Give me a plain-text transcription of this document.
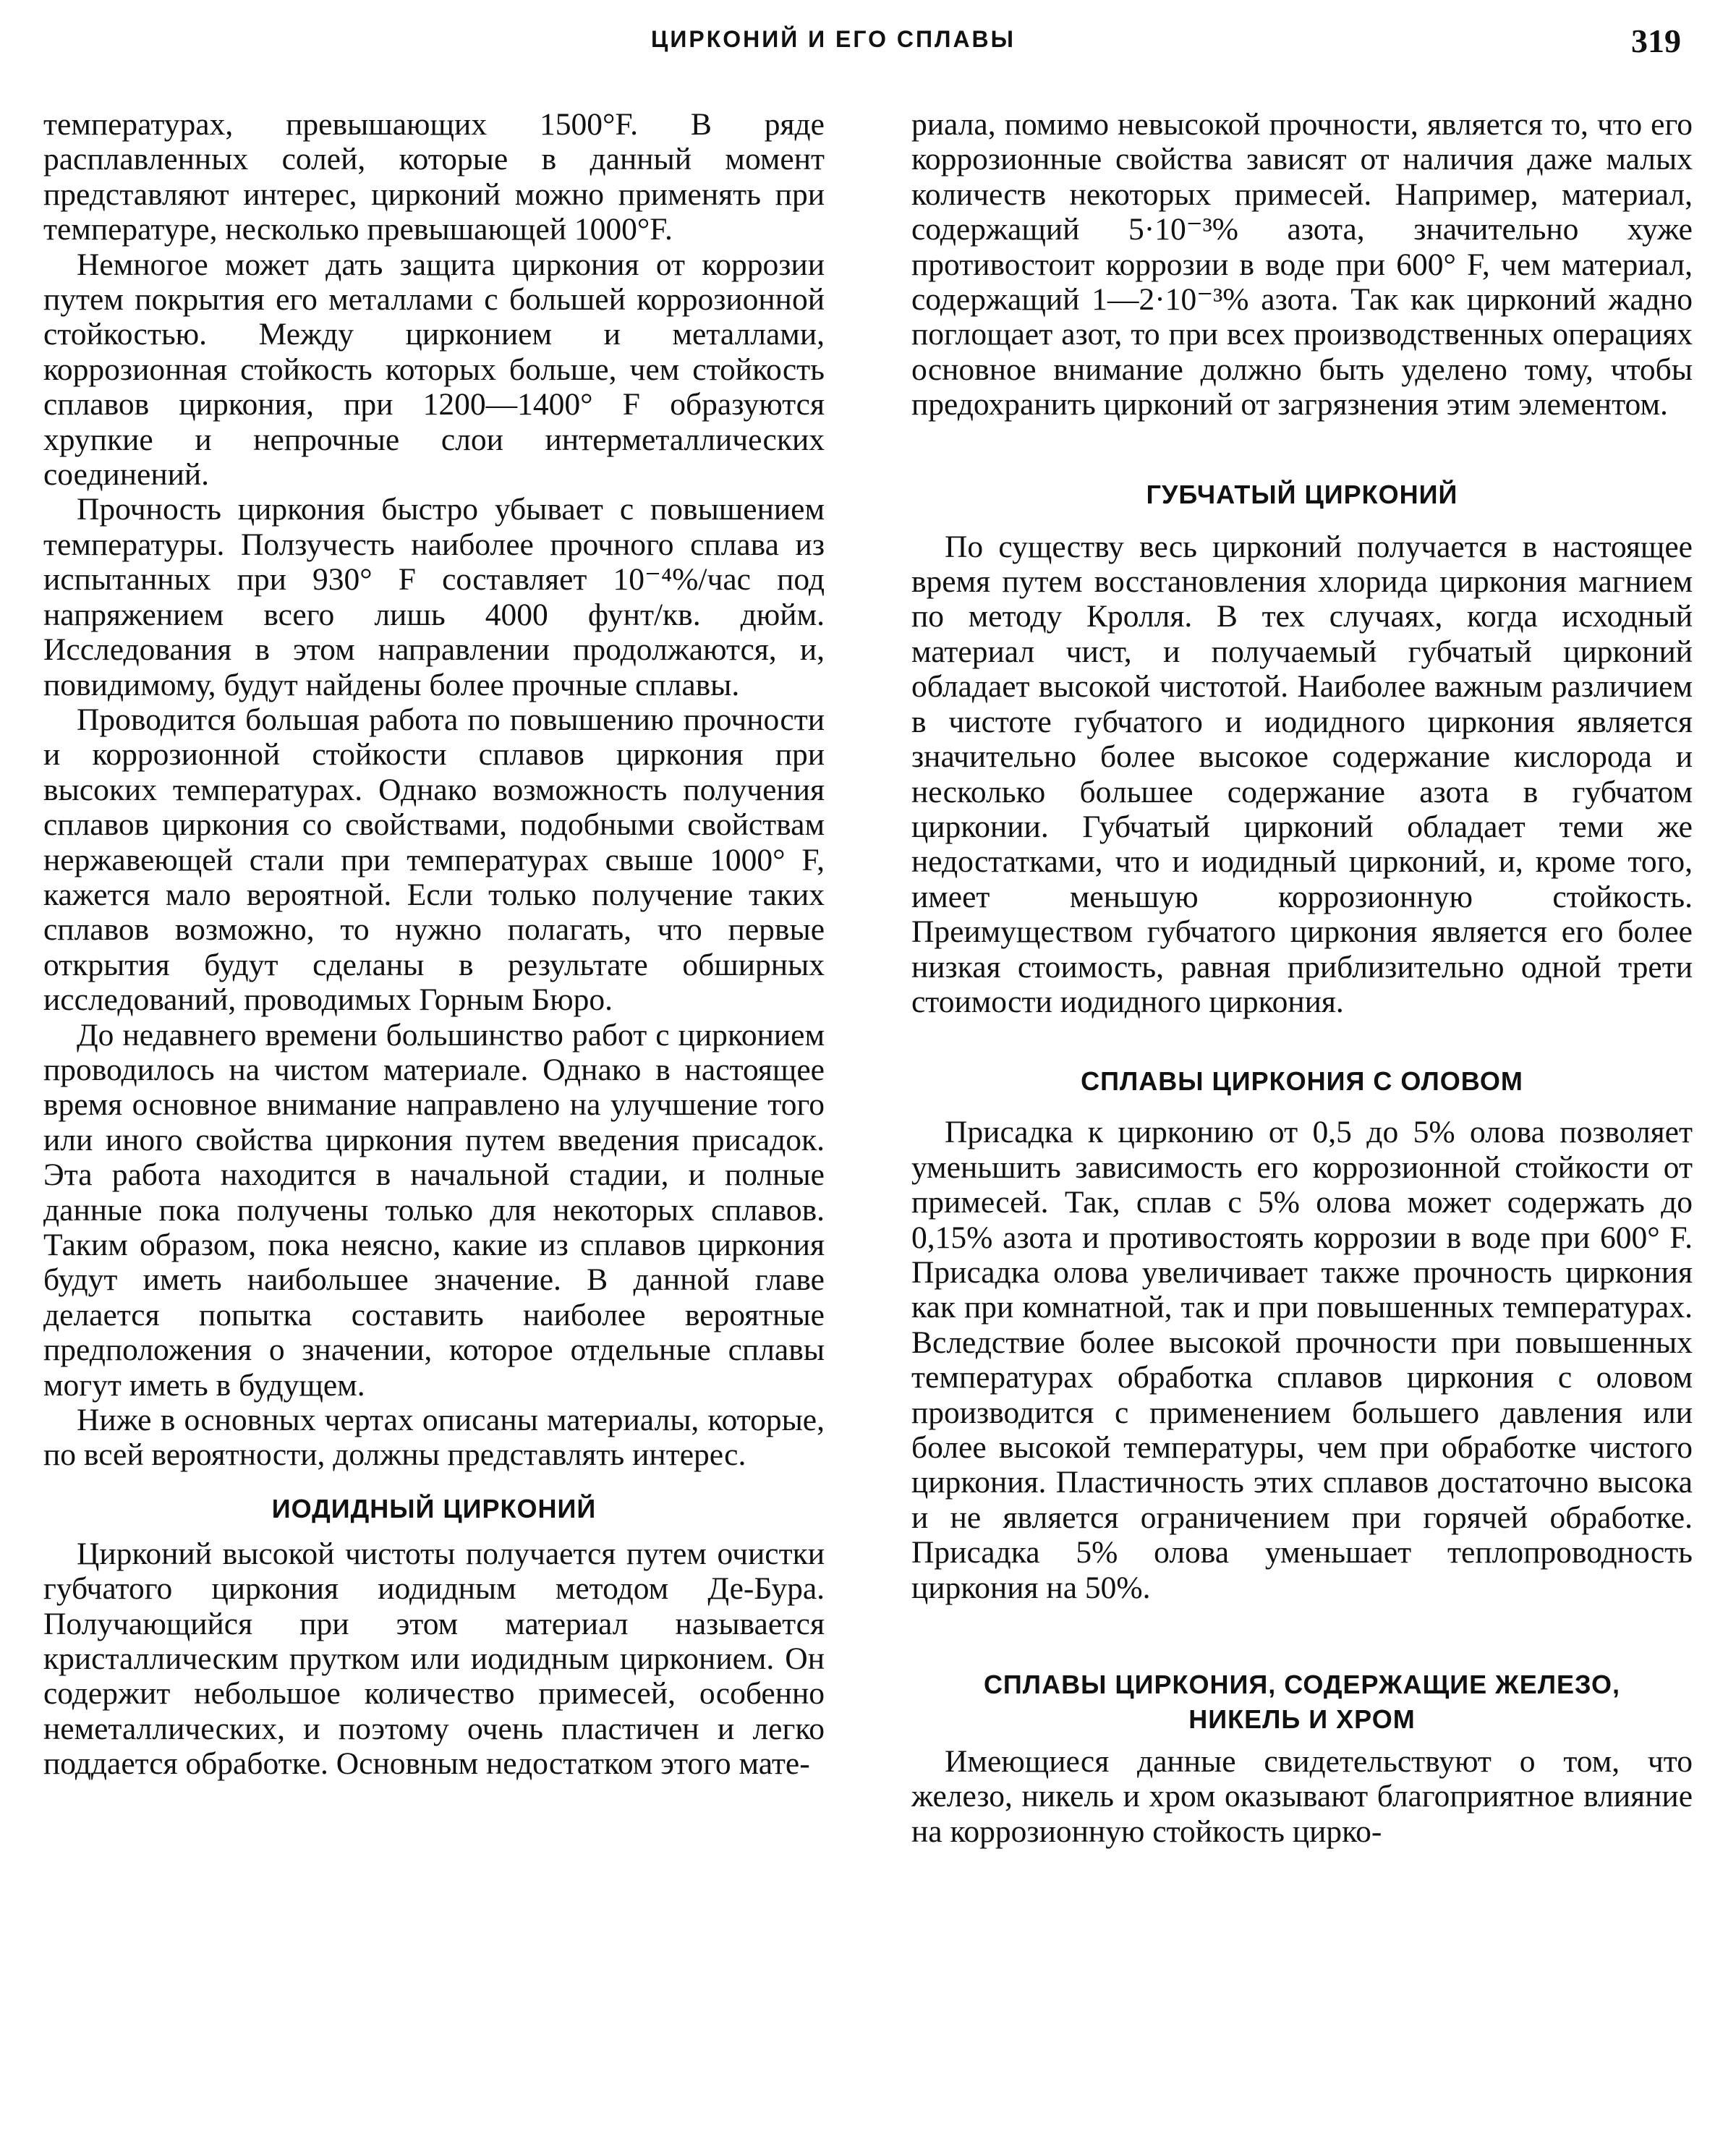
ЦИРКОНИЙ И ЕГО СПЛАВЫ	319

температурах, превышающих 1500°F. В ряде расплавленных солей, которые в данный момент представляют интерес, цирконий можно применять при температуре, несколько превышающей 1000°F.

Немногое может дать защита циркония от коррозии путем покрытия его металлами с большей коррозионной стойкостью. Между цирконием и металлами, коррозионная стойкость которых больше, чем стойкость сплавов циркония, при 1200—1400° F образуются хрупкие и непрочные слои интерметаллических соединений.

Прочность циркония быстро убывает с повышением температуры. Ползучесть наиболее прочного сплава из испытанных при 930° F составляет 10⁻⁴%/час под напряжением всего лишь 4000 фунт/кв. дюйм. Исследования в этом направлении продолжаются, и, повидимому, будут найдены более прочные сплавы.

Проводится большая работа по повышению прочности и коррозионной стойкости сплавов циркония при высоких температурах. Однако возможность получения сплавов циркония со свойствами, подобными свойствам нержавеющей стали при температурах свыше 1000° F, кажется мало вероятной. Если только получение таких сплавов возможно, то нужно полагать, что первые открытия будут сделаны в результате обширных исследований, проводимых Горным Бюро.

До недавнего времени большинство работ с цирконием проводилось на чистом материале. Однако в настоящее время основное внимание направлено на улучшение того или иного свойства циркония путем введения присадок. Эта работа находится в начальной стадии, и полные данные пока получены только для некоторых сплавов. Таким образом, пока неясно, какие из сплавов циркония будут иметь наибольшее значение. В данной главе делается попытка составить наиболее вероятные предположения о значении, которое отдельные сплавы могут иметь в будущем.

Ниже в основных чертах описаны материалы, которые, по всей вероятности, должны представлять интерес.

ИОДИДНЫЙ ЦИРКОНИЙ

Цирконий высокой чистоты получается путем очистки губчатого циркония иодидным методом Де-Бура. Получающийся при этом материал называется кристаллическим прутком или иодидным цирконием. Он содержит небольшое количество примесей, особенно неметаллических, и поэтому очень пластичен и легко поддается обработке. Основным недостатком этого мате-

риала, помимо невысокой прочности, является то, что его коррозионные свойства зависят от наличия даже малых количеств некоторых примесей. Например, материал, содержащий 5·10⁻³% азота, значительно хуже противостоит коррозии в воде при 600° F, чем материал, содержащий 1—2·10⁻³% азота. Так как цирконий жадно поглощает азот, то при всех производственных операциях основное внимание должно быть уделено тому, чтобы предохранить цирконий от загрязнения этим элементом.

ГУБЧАТЫЙ ЦИРКОНИЙ

По существу весь цирконий получается в настоящее время путем восстановления хлорида циркония магнием по методу Кролля. В тех случаях, когда исходный материал чист, и получаемый губчатый цирконий обладает высокой чистотой. Наиболее важным различием в чистоте губчатого и иодидного циркония является значительно более высокое содержание кислорода и несколько большее содержание азота в губчатом цирконии. Губчатый цирконий обладает теми же недостатками, что и иодидный цирконий, и, кроме того, имеет меньшую коррозионную стойкость. Преимуществом губчатого циркония является его более низкая стоимость, равная приблизительно одной трети стоимости иодидного циркония.

СПЛАВЫ ЦИРКОНИЯ С ОЛОВОМ

Присадка к цирконию от 0,5 до 5% олова позволяет уменьшить зависимость его коррозионной стойкости от примесей. Так, сплав с 5% олова может содержать до 0,15% азота и противостоять коррозии в воде при 600° F. Присадка олова увеличивает также прочность циркония как при комнатной, так и при повышенных температурах. Вследствие более высокой прочности при повышенных температурах обработка сплавов циркония с оловом производится с применением большего давления или более высокой температуры, чем при обработке чистого циркония. Пластичность этих сплавов достаточно высока и не является ограничением при горячей обработке. Присадка 5% олова уменьшает теплопроводность циркония на 50%.

СПЛАВЫ ЦИРКОНИЯ, СОДЕРЖАЩИЕ ЖЕЛЕЗО,
НИКЕЛЬ И ХРОМ

Имеющиеся данные свидетельствуют о том, что железо, никель и хром оказывают благоприятное влияние на коррозионную стойкость цирко-
